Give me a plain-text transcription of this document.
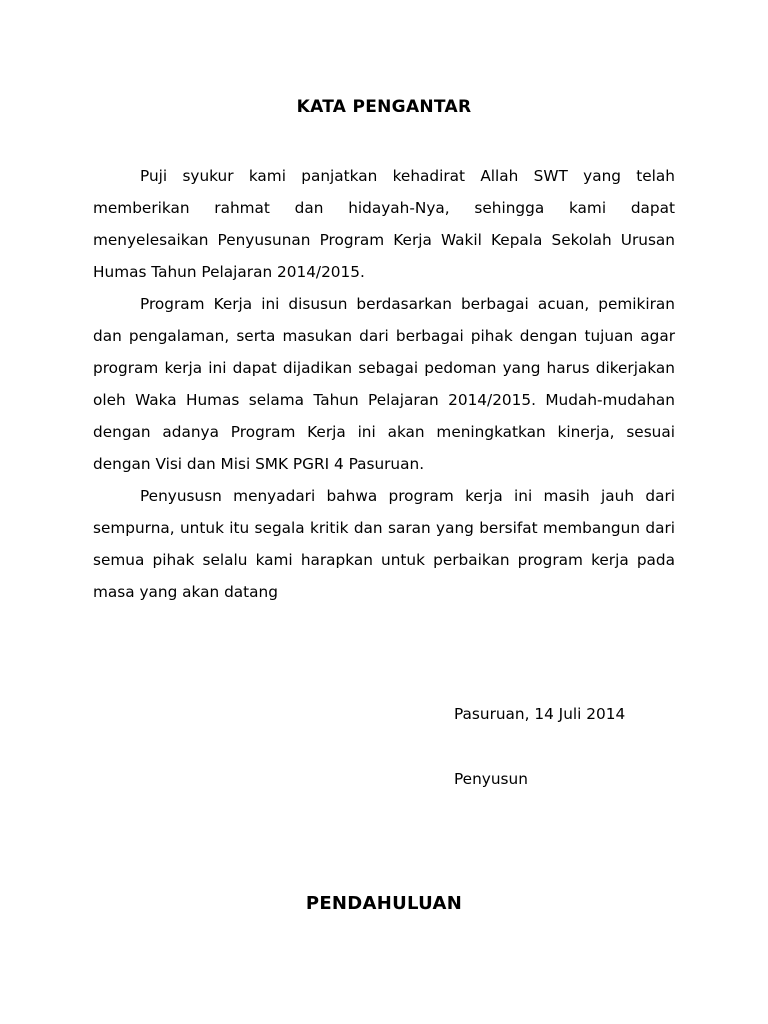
KATA PENGANTAR

Puji syukur kami panjatkan kehadirat Allah SWT yang telah memberikan rahmat dan hidayah-Nya, sehingga kami dapat menyelesaikan Penyusunan Program Kerja Wakil Kepala Sekolah Urusan Humas Tahun Pelajaran 2014/2015.

Program Kerja ini disusun berdasarkan berbagai acuan, pemikiran dan pengalaman, serta masukan dari berbagai pihak dengan tujuan agar program kerja ini dapat dijadikan sebagai pedoman yang harus dikerjakan oleh Waka Humas selama Tahun Pelajaran 2014/2015. Mudah-mudahan dengan adanya Program Kerja ini akan meningkatkan kinerja, sesuai dengan Visi dan Misi SMK PGRI 4 Pasuruan.

Penyususn menyadari bahwa program kerja ini masih jauh dari sempurna, untuk itu segala kritik dan saran yang bersifat membangun dari semua pihak selalu kami harapkan untuk perbaikan program kerja pada masa yang akan datang

Pasuruan, 14 Juli 2014
Penyusun
PENDAHULUAN
